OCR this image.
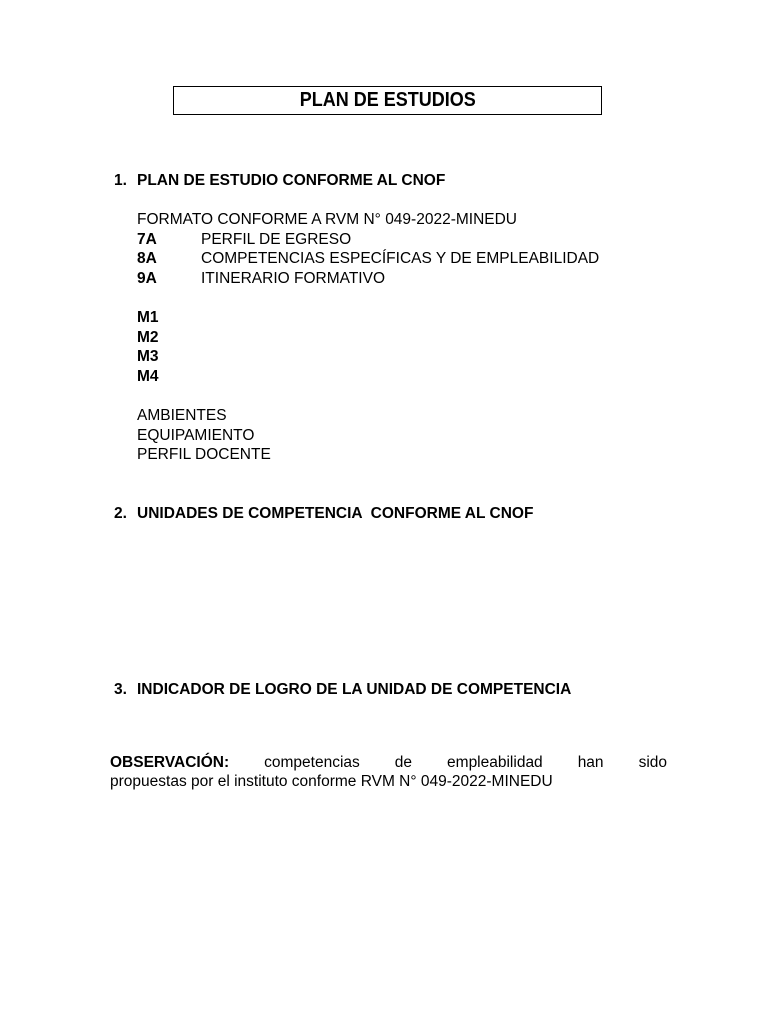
PLAN DE ESTUDIOS
1. PLAN DE ESTUDIO CONFORME AL CNOF
FORMATO CONFORME A RVM N° 049-2022-MINEDU
7A	PERFIL DE EGRESO
8A	COMPETENCIAS ESPECÍFICAS Y DE EMPLEABILIDAD
9A	ITINERARIO FORMATIVO
M1
M2
M3
M4
AMBIENTES
EQUIPAMIENTO
PERFIL DOCENTE
2. UNIDADES DE COMPETENCIA  CONFORME AL CNOF
3. INDICADOR DE LOGRO DE LA UNIDAD DE COMPETENCIA
OBSERVACIÓN: competencias de empleabilidad han sido
propuestas por el instituto conforme RVM N° 049-2022-MINEDU
